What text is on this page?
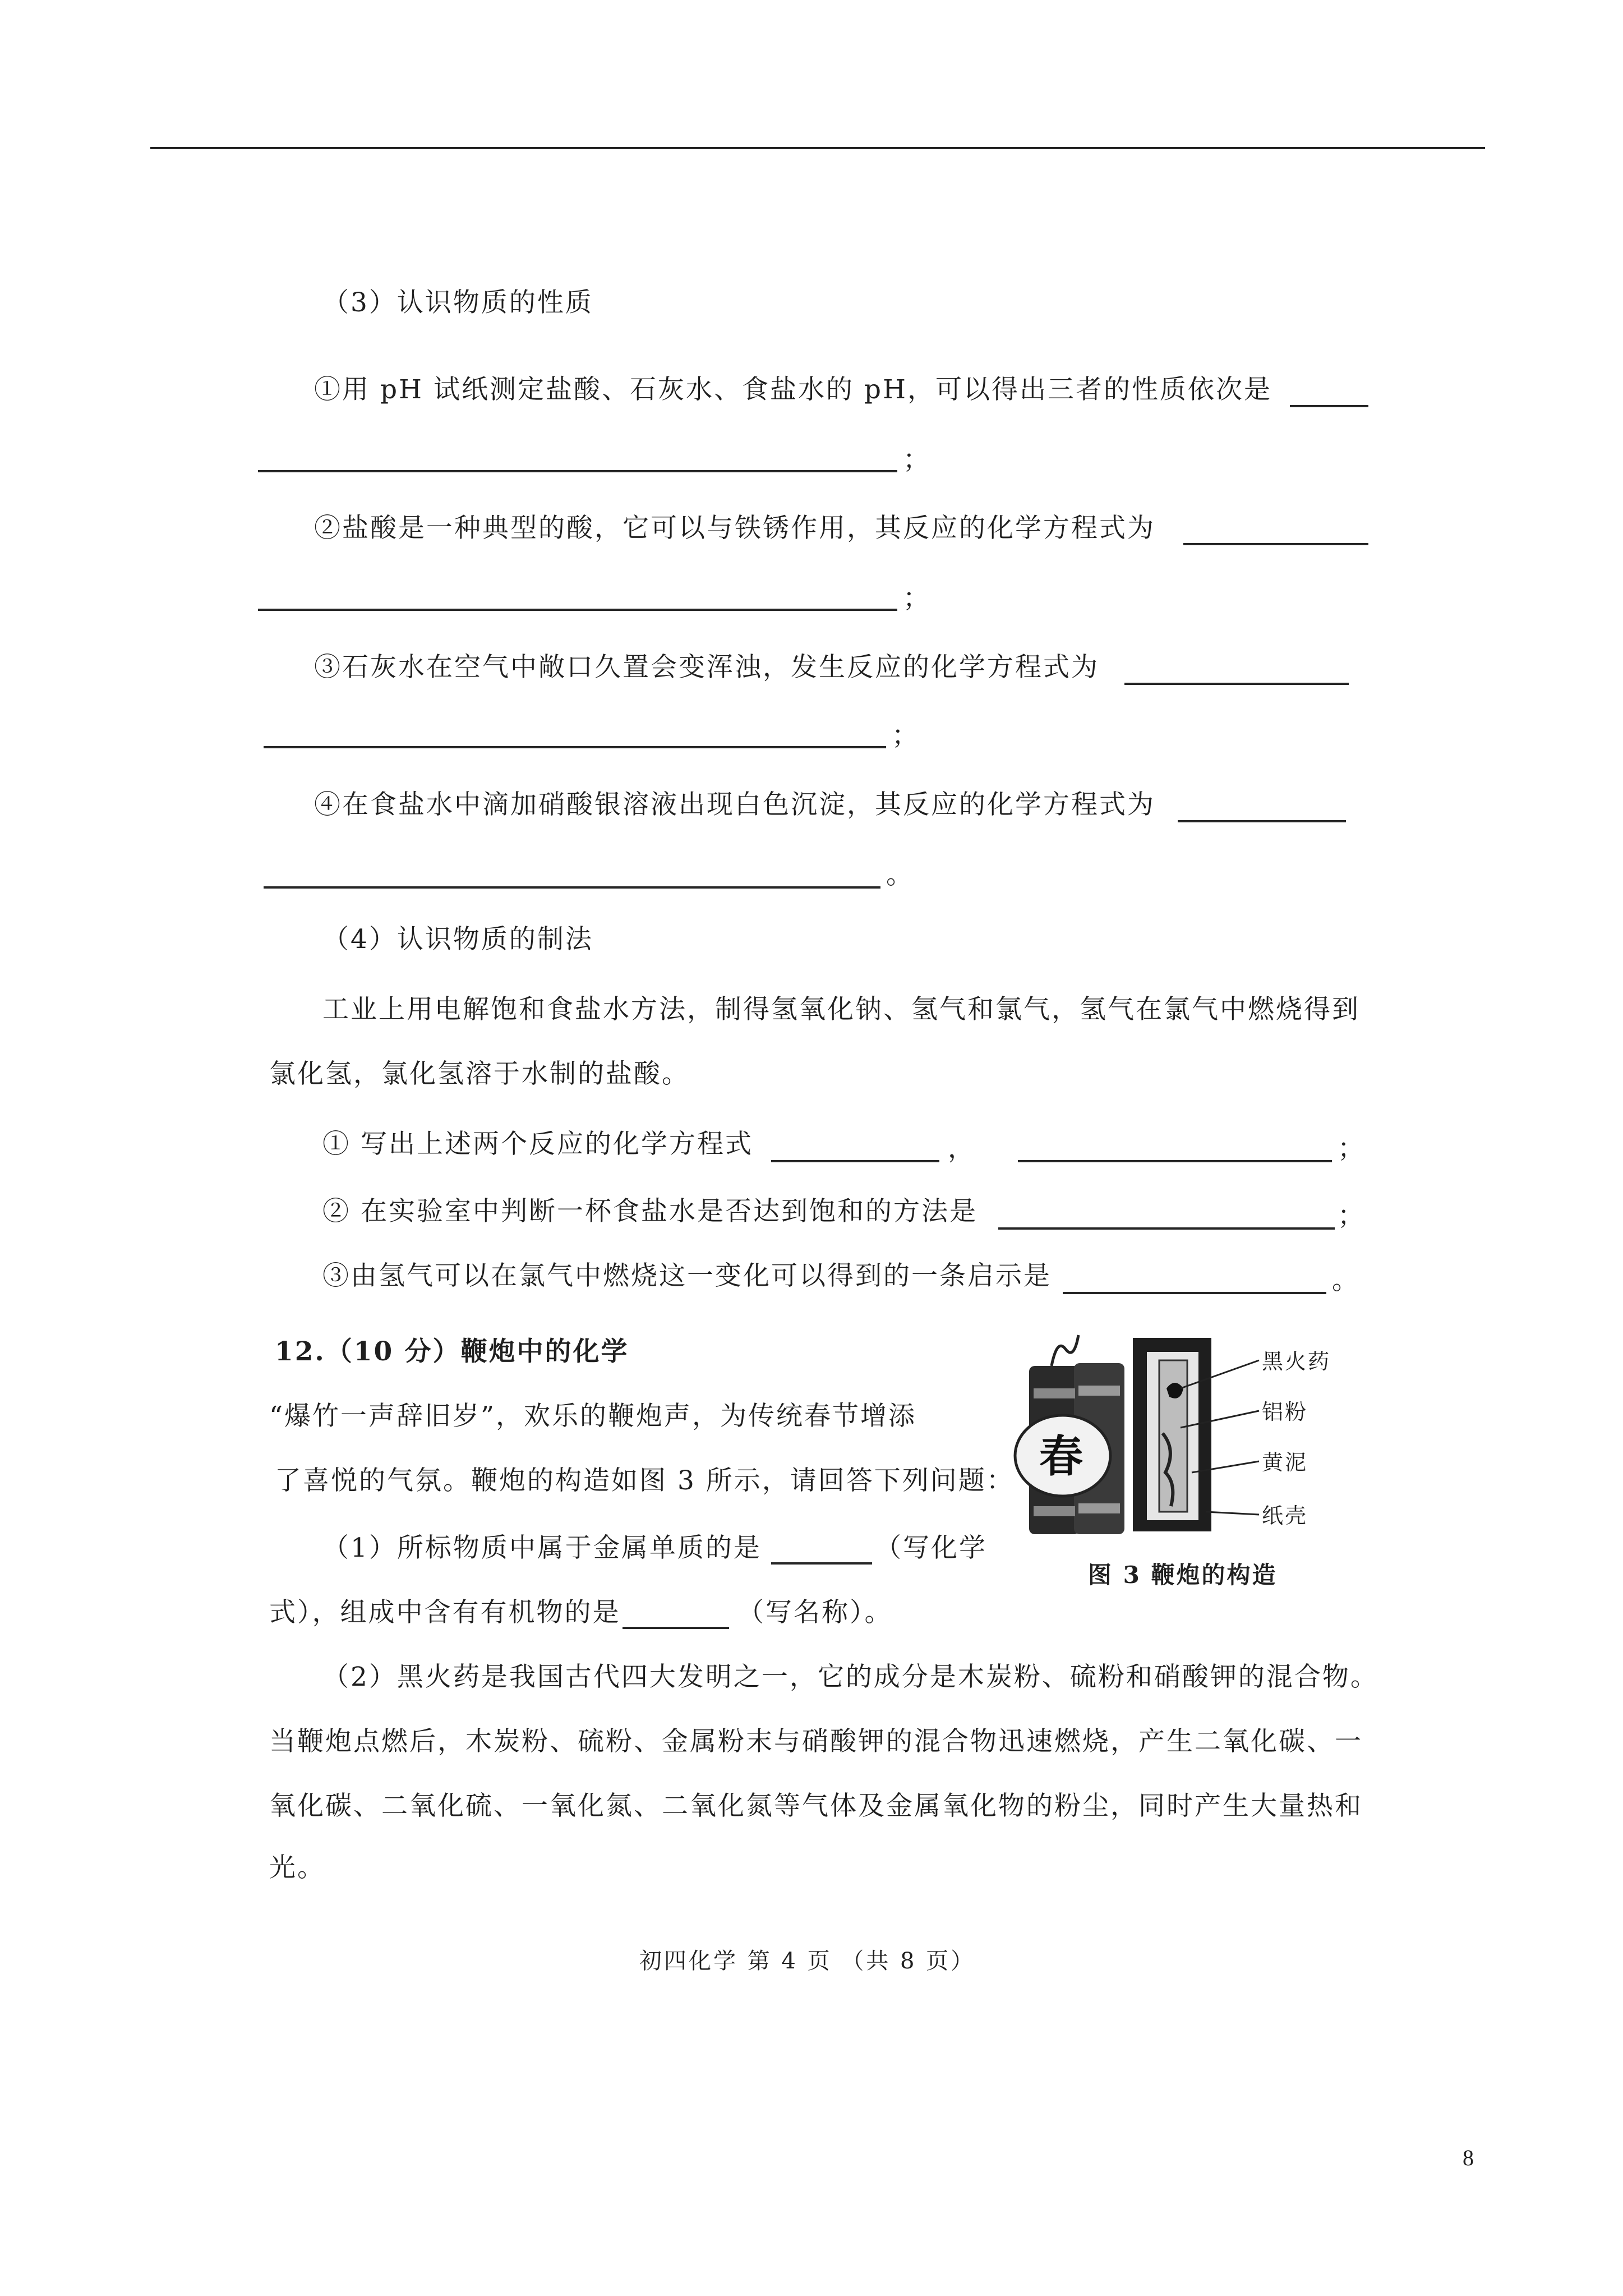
（3）认识物质的性质
①用 pH 试纸测定盐酸、石灰水、食盐水的 pH，可以得出三者的性质依次是
；
②盐酸是一种典型的酸，它可以与铁锈作用，其反应的化学方程式为
；
③石灰水在空气中敞口久置会变浑浊，发生反应的化学方程式为
；
④在食盐水中滴加硝酸银溶液出现白色沉淀，其反应的化学方程式为
。
（4）认识物质的制法
工业上用电解饱和食盐水方法，制得氢氧化钠、氢气和氯气，氢气在氯气中燃烧得到
氯化氢，氯化氢溶于水制的盐酸。
① 写出上述两个反应的化学方程式	，	；
② 在实验室中判断一杯食盐水是否达到饱和的方法是	；
③由氢气可以在氯气中燃烧这一变化可以得到的一条启示是	。
12.（10 分）鞭炮中的化学
“爆竹一声辞旧岁”，欢乐的鞭炮声，为传统春节增添
了喜悦的气氛。鞭炮的构造如图 3 所示，请回答下列问题：
（1）所标物质中属于金属单质的是	（写化学
式），组成中含有有机物的是	（写名称）。
（2）黑火药是我国古代四大发明之一，它的成分是木炭粉、硫粉和硝酸钾的混合物。
当鞭炮点燃后，木炭粉、硫粉、金属粉末与硝酸钾的混合物迅速燃烧，产生二氧化碳、一
氧化碳、二氧化硫、一氧化氮、二氧化氮等气体及金属氧化物的粉尘，同时产生大量热和
光。
春
黑火药
铝粉
黄泥
纸壳
图 3 鞭炮的构造
初四化学 第 4 页 （共 8 页）
8
